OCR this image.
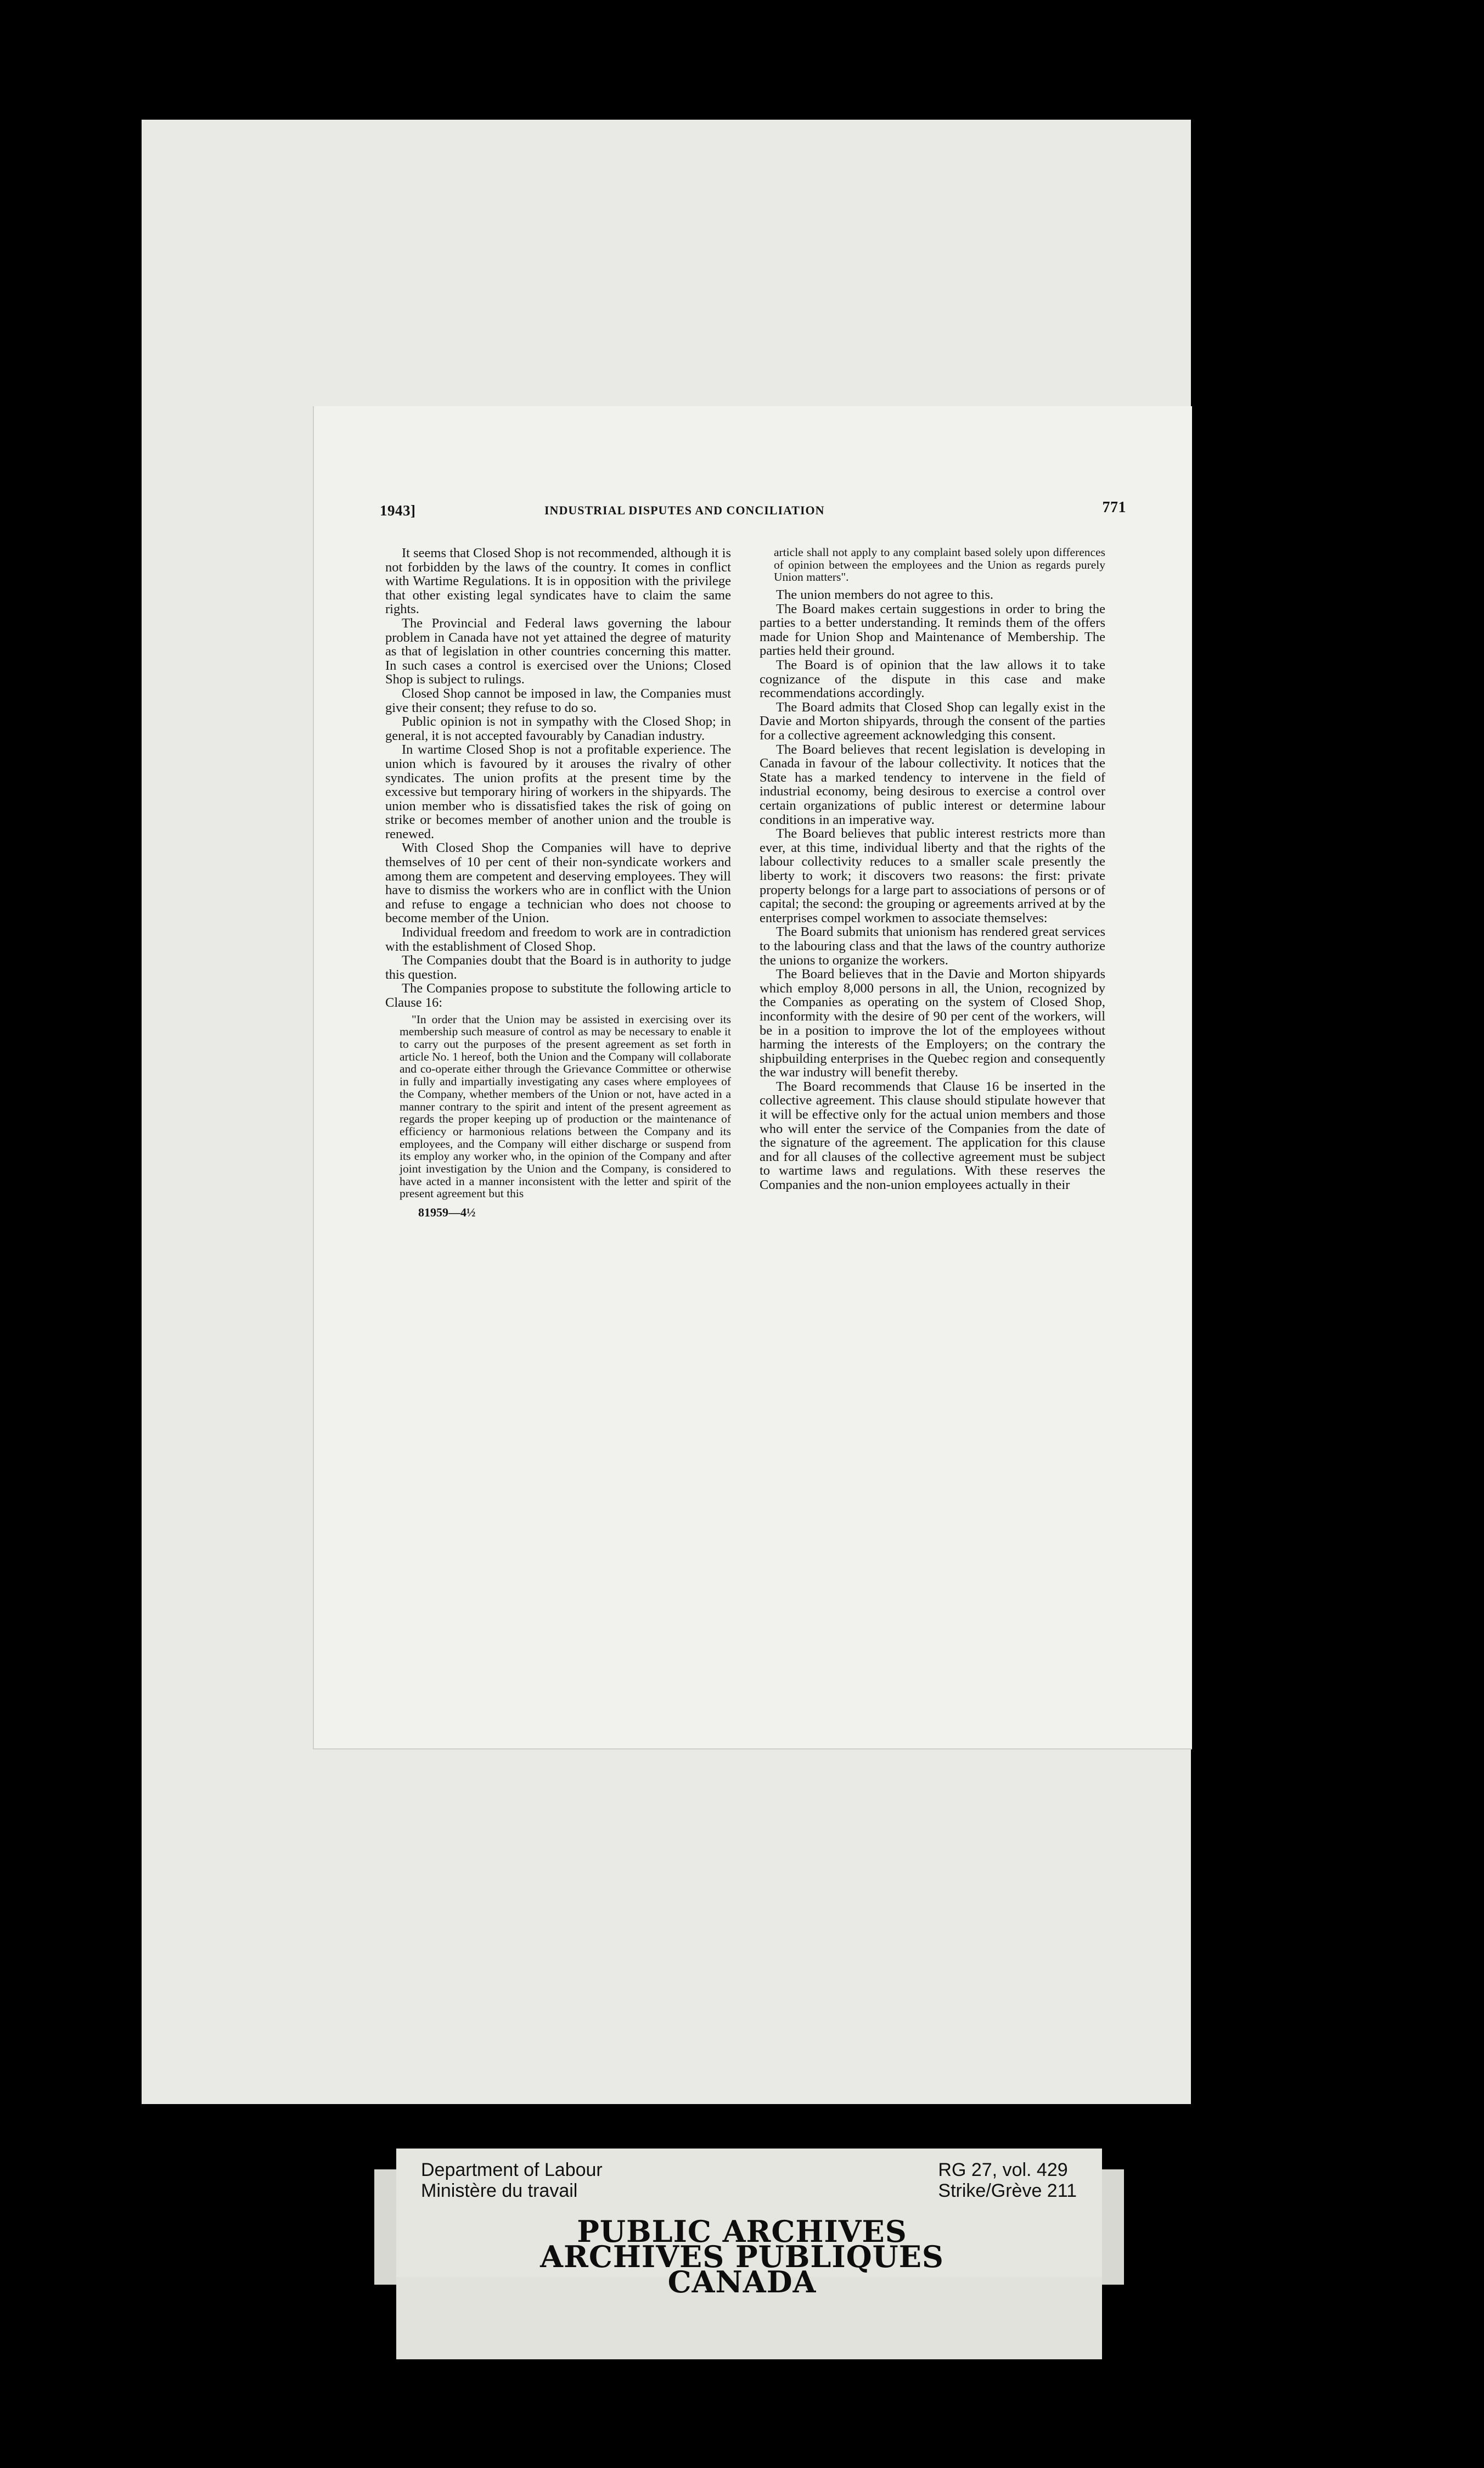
1943]	INDUSTRIAL DISPUTES AND CONCILIATION	771

It seems that Closed Shop is not recommended, although it is not forbidden by the laws of the country. It comes in conflict with Wartime Regulations. It is in opposition with the privilege that other existing legal syndicates have to claim the same rights.

The Provincial and Federal laws governing the labour problem in Canada have not yet attained the degree of maturity as that of legislation in other countries concerning this matter. In such cases a control is exercised over the Unions; Closed Shop is subject to rulings.

Closed Shop cannot be imposed in law, the Companies must give their consent; they refuse to do so.

Public opinion is not in sympathy with the Closed Shop; in general, it is not accepted favourably by Canadian industry.

In wartime Closed Shop is not a profitable experience. The union which is favoured by it arouses the rivalry of other syndicates. The union profits at the present time by the excessive but temporary hiring of workers in the shipyards. The union member who is dissatisfied takes the risk of going on strike or becomes member of another union and the trouble is renewed.

With Closed Shop the Companies will have to deprive themselves of 10 per cent of their non-syndicate workers and among them are competent and deserving employees. They will have to dismiss the workers who are in conflict with the Union and refuse to engage a technician who does not choose to become member of the Union.

Individual freedom and freedom to work are in contradiction with the establishment of Closed Shop.

The Companies doubt that the Board is in authority to judge this question.

The Companies propose to substitute the following article to Clause 16:

"In order that the Union may be assisted in exercising over its membership such measure of control as may be necessary to enable it to carry out the purposes of the present agreement as set forth in article No. 1 hereof, both the Union and the Company will collaborate and co-operate either through the Grievance Committee or otherwise in fully and impartially investigating any cases where employees of the Company, whether members of the Union or not, have acted in a manner contrary to the spirit and intent of the present agreement as regards the proper keeping up of production or the maintenance of efficiency or harmonious relations between the Company and its employees, and the Company will either discharge or suspend from its employ any worker who, in the opinion of the Company and after joint investigation by the Union and the Company, is considered to have acted in a manner inconsistent with the letter and spirit of the present agreement but this

81959—4½

article shall not apply to any complaint based solely upon differences of opinion between the employees and the Union as regards purely Union matters".

The union members do not agree to this.

The Board makes certain suggestions in order to bring the parties to a better understanding. It reminds them of the offers made for Union Shop and Maintenance of Membership. The parties held their ground.

The Board is of opinion that the law allows it to take cognizance of the dispute in this case and make recommendations accordingly.

The Board admits that Closed Shop can legally exist in the Davie and Morton shipyards, through the consent of the parties for a collective agreement acknowledging this consent.

The Board believes that recent legislation is developing in Canada in favour of the labour collectivity. It notices that the State has a marked tendency to intervene in the field of industrial economy, being desirous to exercise a control over certain organizations of public interest or determine labour conditions in an imperative way.

The Board believes that public interest restricts more than ever, at this time, individual liberty and that the rights of the labour collectivity reduces to a smaller scale presently the liberty to work; it discovers two reasons: the first: private property belongs for a large part to associations of persons or of capital; the second: the grouping or agreements arrived at by the enterprises compel workmen to associate themselves:

The Board submits that unionism has rendered great services to the labouring class and that the laws of the country authorize the unions to organize the workers.

The Board believes that in the Davie and Morton shipyards which employ 8,000 persons in all, the Union, recognized by the Companies as operating on the system of Closed Shop, inconformity with the desire of 90 per cent of the workers, will be in a position to improve the lot of the employees without harming the interests of the Employers; on the contrary the shipbuilding enterprises in the Quebec region and consequently the war industry will benefit thereby.

The Board recommends that Clause 16 be inserted in the collective agreement. This clause should stipulate however that it will be effective only for the actual union members and those who will enter the service of the Companies from the date of the signature of the agreement. The application for this clause and for all clauses of the collective agreement must be subject to wartime laws and regulations. With these reserves the Companies and the non-union employees actually in their

Department of Labour
Ministère du travail
RG 27, vol. 429
Strike/Grève 211
PUBLIC ARCHIVES
ARCHIVES PUBLIQUES
CANADA
